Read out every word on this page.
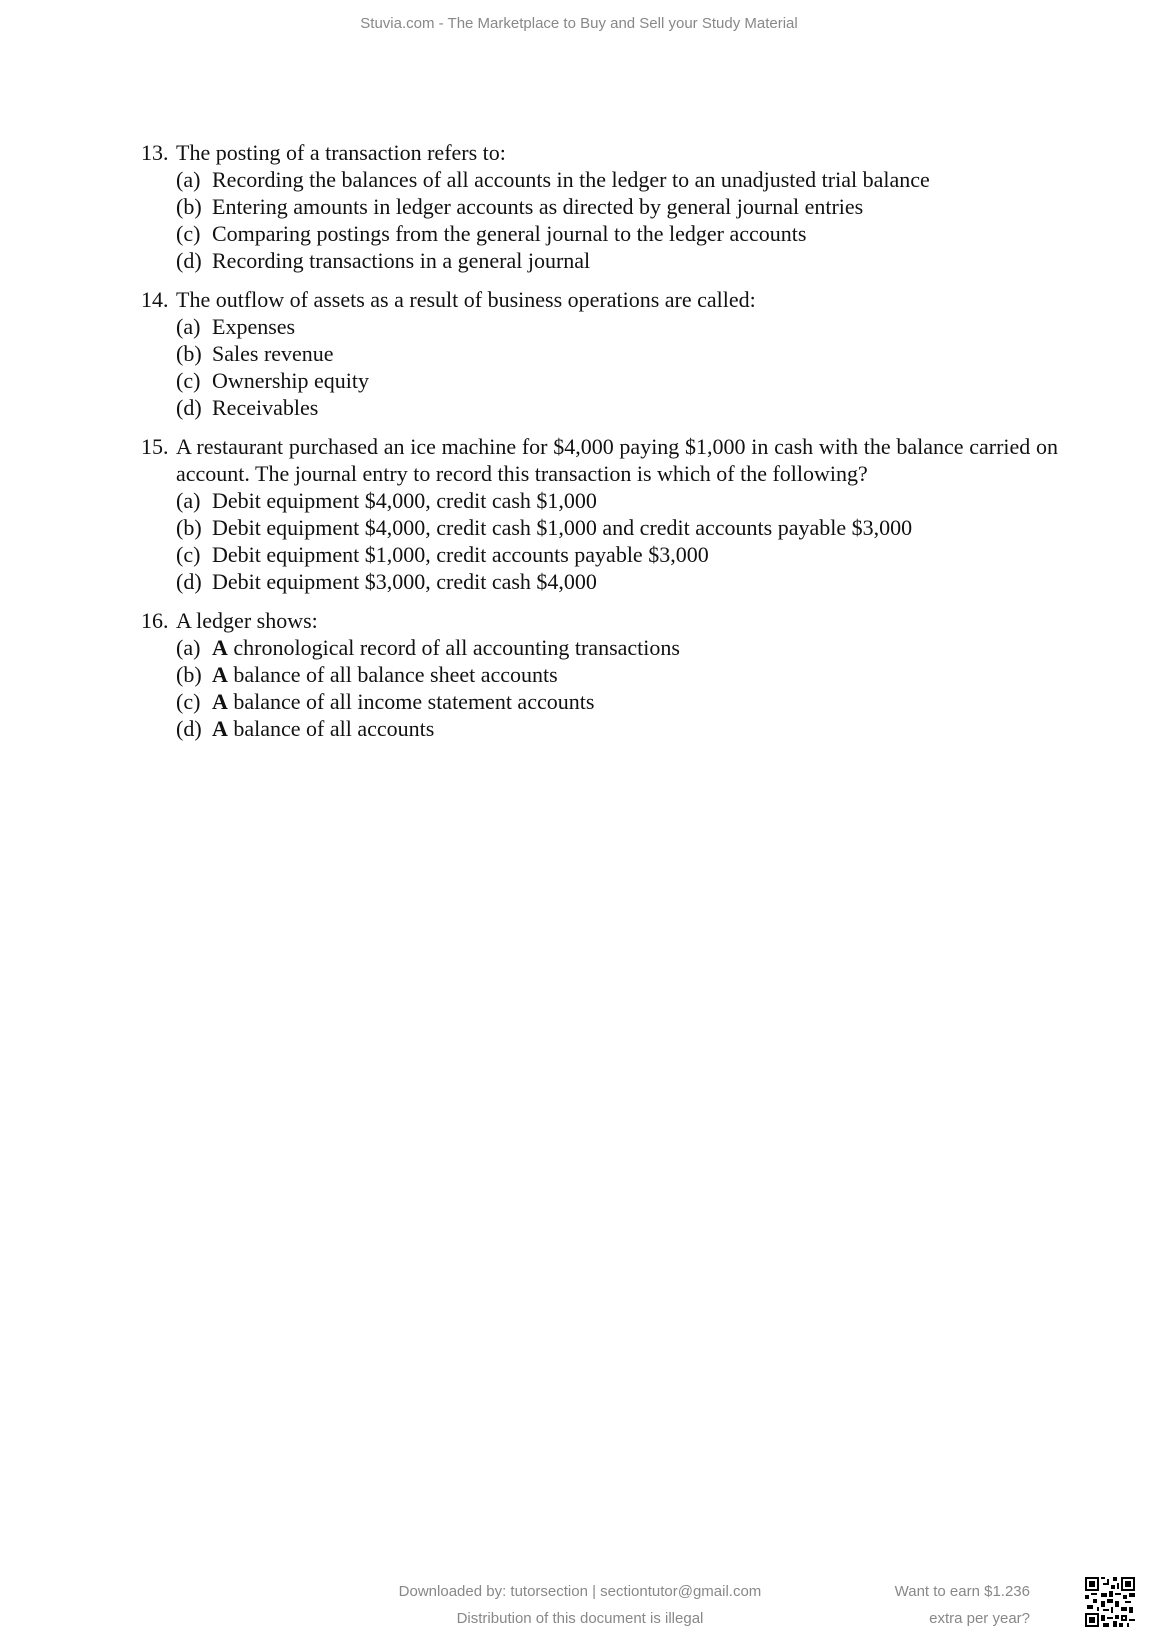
Stuvia.com - The Marketplace to Buy and Sell your Study Material
13. The posting of a transaction refers to:
(a) Recording the balances of all accounts in the ledger to an unadjusted trial balance
(b) Entering amounts in ledger accounts as directed by general journal entries
(c) Comparing postings from the general journal to the ledger accounts
(d) Recording transactions in a general journal
14. The outflow of assets as a result of business operations are called:
(a) Expenses
(b) Sales revenue
(c) Ownership equity
(d) Receivables
15. A restaurant purchased an ice machine for $4,000 paying $1,000 in cash with the balance carried on account. The journal entry to record this transaction is which of the following?
(a) Debit equipment $4,000, credit cash $1,000
(b) Debit equipment $4,000, credit cash $1,000 and credit accounts payable $3,000
(c) Debit equipment $1,000, credit accounts payable $3,000
(d) Debit equipment $3,000, credit cash $4,000
16. A ledger shows:
(a) A chronological record of all accounting transactions
(b) A balance of all balance sheet accounts
(c) A balance of all income statement accounts
(d) A balance of all accounts
Downloaded by: tutorsection | sectiontutor@gmail.com
Distribution of this document is illegal
Want to earn $1.236
extra per year?
